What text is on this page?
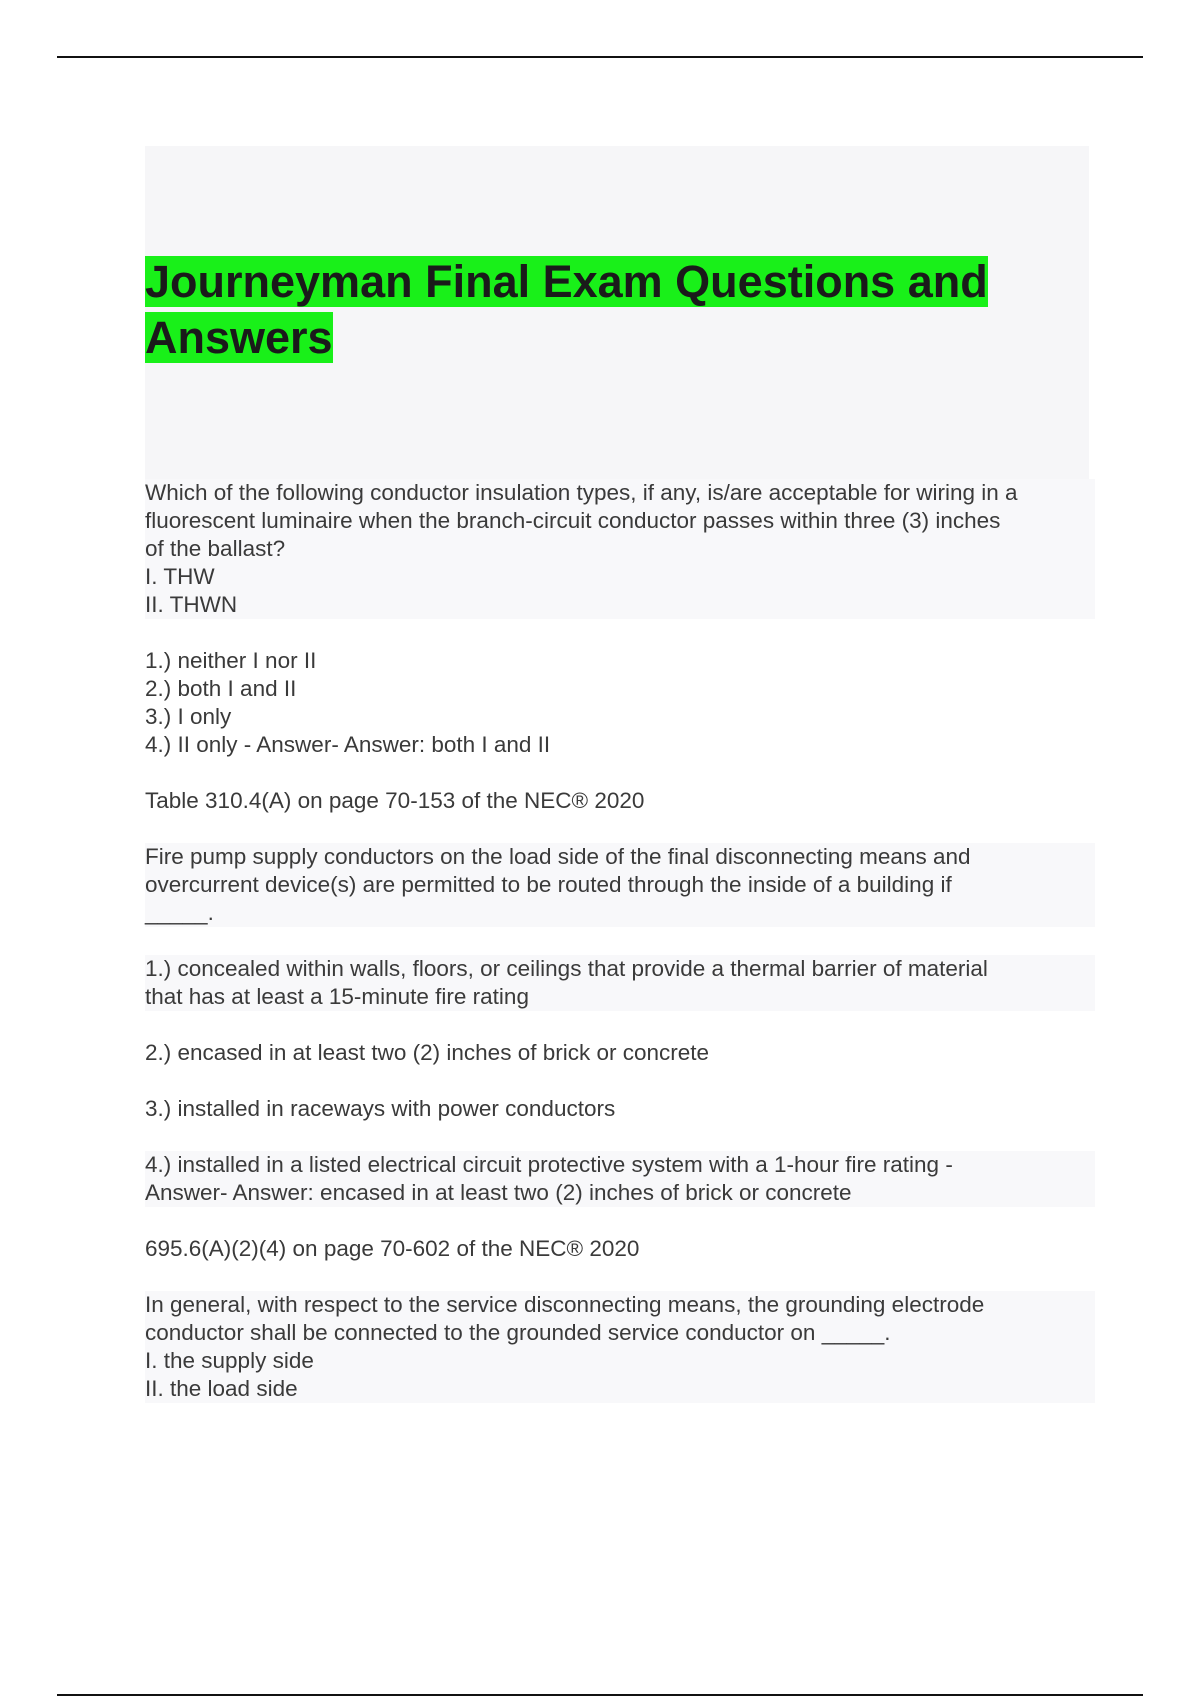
Journeyman Final Exam Questions and
Answers

Which of the following conductor insulation types, if any, is/are acceptable for wiring in a
fluorescent luminaire when the branch-circuit conductor passes within three (3) inches
of the ballast?
I. THW
II. THWN

1.) neither I nor II
2.) both I and II
3.) I only
4.) II only - Answer- Answer: both I and II

Table 310.4(A) on page 70-153 of the NEC® 2020

Fire pump supply conductors on the load side of the final disconnecting means and
overcurrent device(s) are permitted to be routed through the inside of a building if
_____.

1.) concealed within walls, floors, or ceilings that provide a thermal barrier of material
that has at least a 15-minute fire rating

2.) encased in at least two (2) inches of brick or concrete

3.) installed in raceways with power conductors

4.) installed in a listed electrical circuit protective system with a 1-hour fire rating -
Answer- Answer: encased in at least two (2) inches of brick or concrete

695.6(A)(2)(4) on page 70-602 of the NEC® 2020

In general, with respect to the service disconnecting means, the grounding electrode
conductor shall be connected to the grounded service conductor on _____.
I. the supply side
II. the load side
